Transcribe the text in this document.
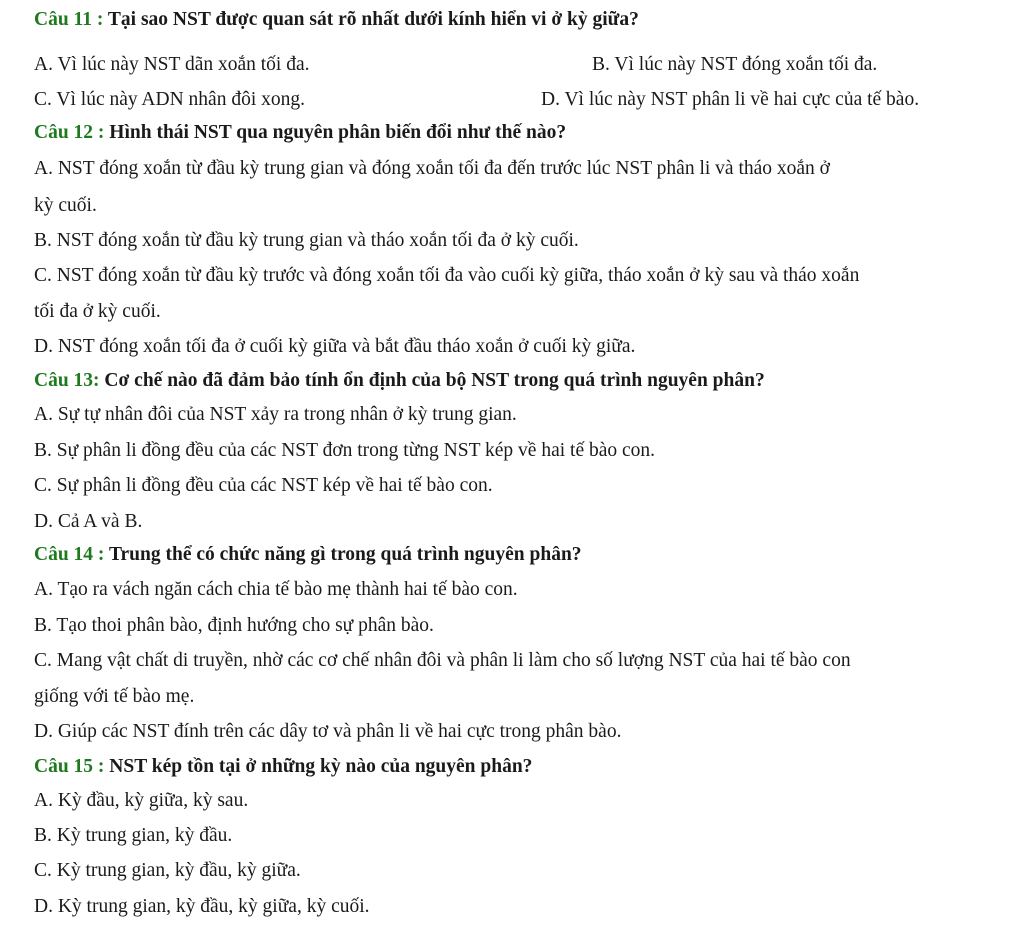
Câu 11 : Tại sao NST được quan sát rõ nhất dưới kính hiển vi ở kỳ giữa?
A. Vì lúc này NST dãn xoắn tối đa.	B. Vì lúc này NST đóng xoắn tối đa.
C. Vì lúc này ADN nhân đôi xong.	D. Vì lúc này NST phân li về hai cực của tế bào.
Câu 12 : Hình thái NST qua nguyên phân biến đổi như thế nào?
A. NST đóng xoắn từ đầu kỳ trung gian và đóng xoắn tối đa đến trước lúc NST phân li và tháo xoắn ở
kỳ cuối.
B. NST đóng xoắn từ đầu kỳ trung gian và tháo xoắn tối đa ở kỳ cuối.
C. NST đóng xoắn từ đầu kỳ trước và đóng xoắn tối đa vào cuối kỳ giữa, tháo xoắn ở kỳ sau và tháo xoắn
tối đa ở kỳ cuối.
D. NST đóng xoắn tối đa ở cuối kỳ giữa và bắt đầu tháo xoắn ở cuối kỳ giữa.
Câu 13: Cơ chế nào đã đảm bảo tính ổn định của bộ NST trong quá trình nguyên phân?
A. Sự tự nhân đôi của NST xảy ra trong nhân ở kỳ trung gian.
B. Sự phân li đồng đều của các NST đơn trong từng NST kép về hai tế bào con.
C. Sự phân li đồng đều của các NST kép về hai tế bào con.
D. Cả A và B.
Câu 14 : Trung thể có chức năng gì trong quá trình nguyên phân?
A. Tạo ra vách ngăn cách chia tế bào mẹ thành hai tế bào con.
B. Tạo thoi phân bào, định hướng cho sự phân bào.
C. Mang vật chất di truyền, nhờ các cơ chế nhân đôi và phân li làm cho số lượng NST của hai tế bào con
giống với tế bào mẹ.
D. Giúp các NST đính trên các dây tơ và phân li về hai cực trong phân bào.
Câu 15 : NST kép tồn tại ở những kỳ nào của nguyên phân?
A. Kỳ đầu, kỳ giữa, kỳ sau.
B. Kỳ trung gian, kỳ đầu.
C. Kỳ trung gian, kỳ đầu, kỳ giữa.
D. Kỳ trung gian, kỳ đầu, kỳ giữa, kỳ cuối.
